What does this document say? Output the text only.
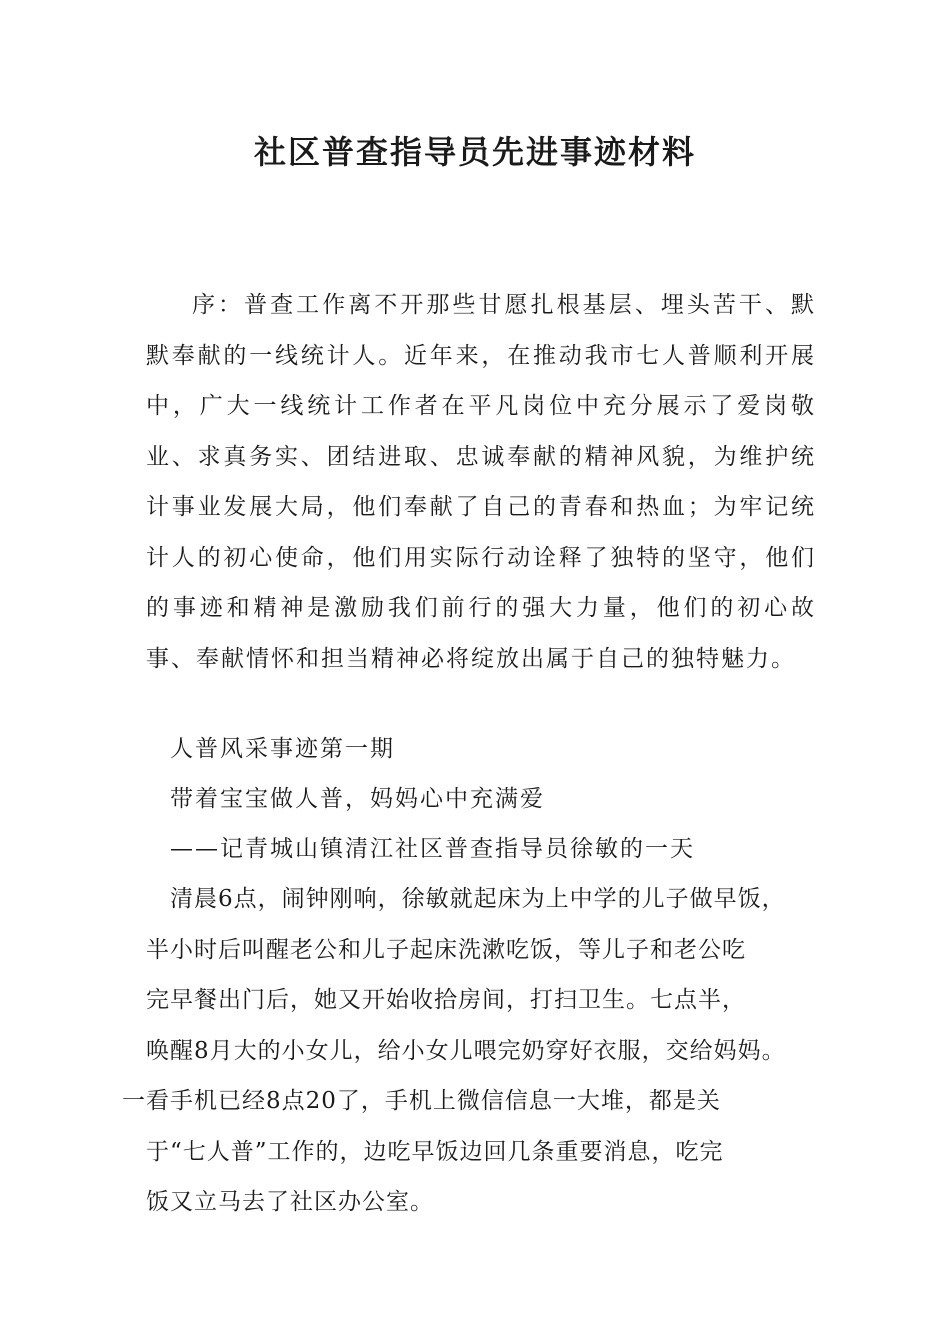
社区普查指导员先进事迹材料

序：普查工作离不开那些甘愿扎根基层、埋头苦干、默默奉献的一线统计人。近年来，在推动我市七人普顺利开展中，广大一线统计工作者在平凡岗位中充分展示了爱岗敬业、求真务实、团结进取、忠诚奉献的精神风貌，为维护统计事业发展大局，他们奉献了自己的青春和热血；为牢记统计人的初心使命，他们用实际行动诠释了独特的坚守，他们的事迹和精神是激励我们前行的强大力量，他们的初心故事、奉献情怀和担当精神必将绽放出属于自己的独特魅力。

人普风采事迹第一期

带着宝宝做人普，妈妈心中充满爱

——记青城山镇清江社区普查指导员徐敏的一天

清晨6点，闹钟刚响，徐敏就起床为上中学的儿子做早饭，
半小时后叫醒老公和儿子起床洗漱吃饭，等儿子和老公吃
完早餐出门后，她又开始收拾房间，打扫卫生。七点半，
唤醒8月大的小女儿，给小女儿喂完奶穿好衣服，交给妈妈。
一看手机已经8点20了，手机上微信信息一大堆，都是关
于“七人普”工作的，边吃早饭边回几条重要消息，吃完
饭又立马去了社区办公室。
